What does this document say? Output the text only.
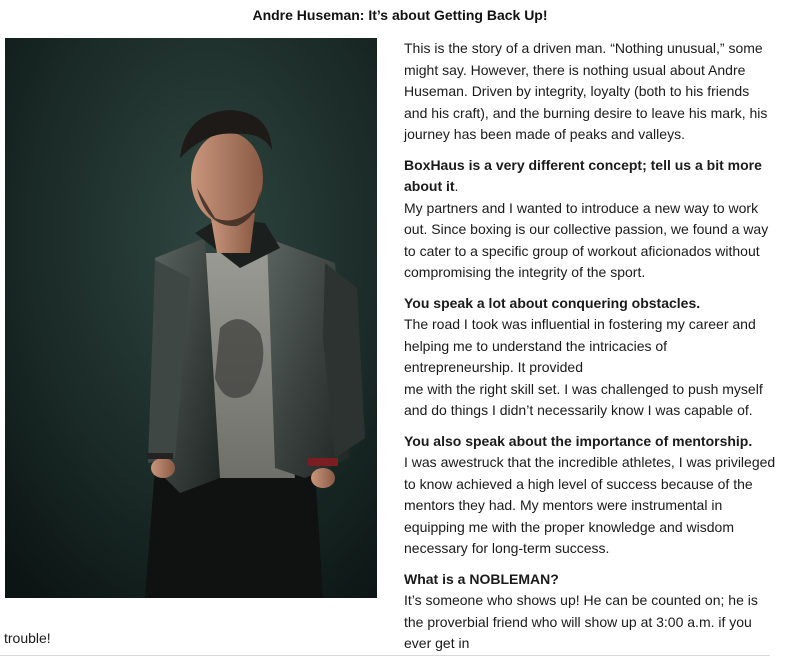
Andre Huseman: It’s about Getting Back Up!

This is the story of a driven man. “Nothing unusual,” some might say. However, there is nothing usual about Andre Huseman. Driven by integrity, loyalty (both to his friends and his craft), and the burning desire to leave his mark, his journey has been made of peaks and valleys.

BoxHaus is a very different concept; tell us a bit more about it.
My partners and I wanted to introduce a new way to work out. Since boxing is our collective passion, we found a way to cater to a specific group of workout aficionados without compromising the integrity of the sport.

You speak a lot about conquering obstacles.
The road I took was influential in fostering my career and helping me to understand the intricacies of entrepreneurship. It provided
me with the right skill set. I was challenged to push myself and do things I didn’t necessarily know I was capable of.

You also speak about the importance of mentorship.
I was awestruck that the incredible athletes, I was privileged to know achieved a high level of success because of the mentors they had. My mentors were instrumental in equipping me with the proper knowledge and wisdom necessary for long-term success.

What is a NOBLEMAN?
It’s someone who shows up! He can be counted on; he is the proverbial friend who will show up at 3:00 a.m. if you ever get in

trouble!
